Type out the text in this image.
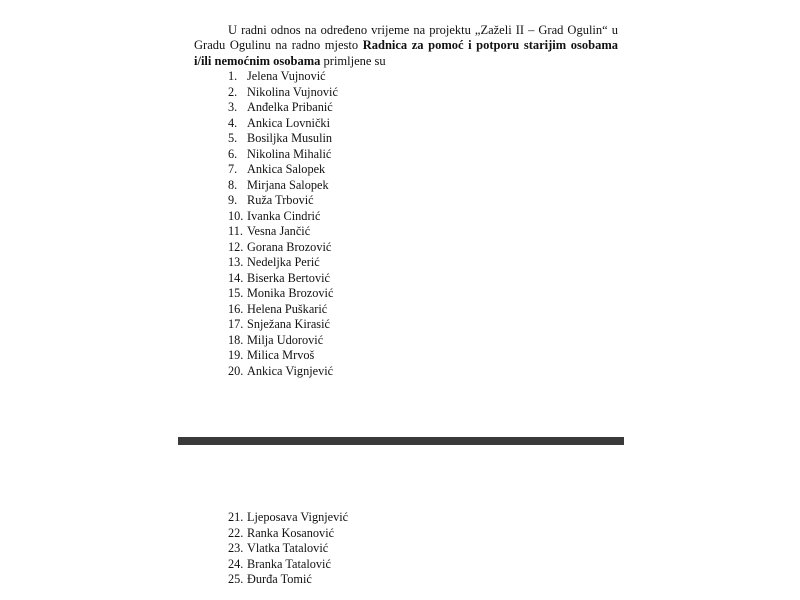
U radni odnos na određeno vrijeme na projektu „Zaželi II – Grad Ogulin“ u Gradu Ogulinu na radno mjesto Radnica za pomoć i potporu starijim osobama i/ili nemoćnim osobama primljene su

1. Jelena Vujnović
2. Nikolina Vujnović
3. Anđelka Pribanić
4. Ankica Lovnički
5. Bosiljka Musulin
6. Nikolina Mihalić
7. Ankica Salopek
8. Mirjana Salopek
9. Ruža Trbović
10. Ivanka Cindrić
11. Vesna Jančić
12. Gorana Brozović
13. Nedeljka Perić
14. Biserka Bertović
15. Monika Brozović
16. Helena Puškarić
17. Snježana Kirasić
18. Milja Udorović
19. Milica Mrvoš
20. Ankica Vignjević
21. Ljeposava Vignjević
22. Ranka Kosanović
23. Vlatka Tatalović
24. Branka Tatalović
25. Đurđa Tomić
